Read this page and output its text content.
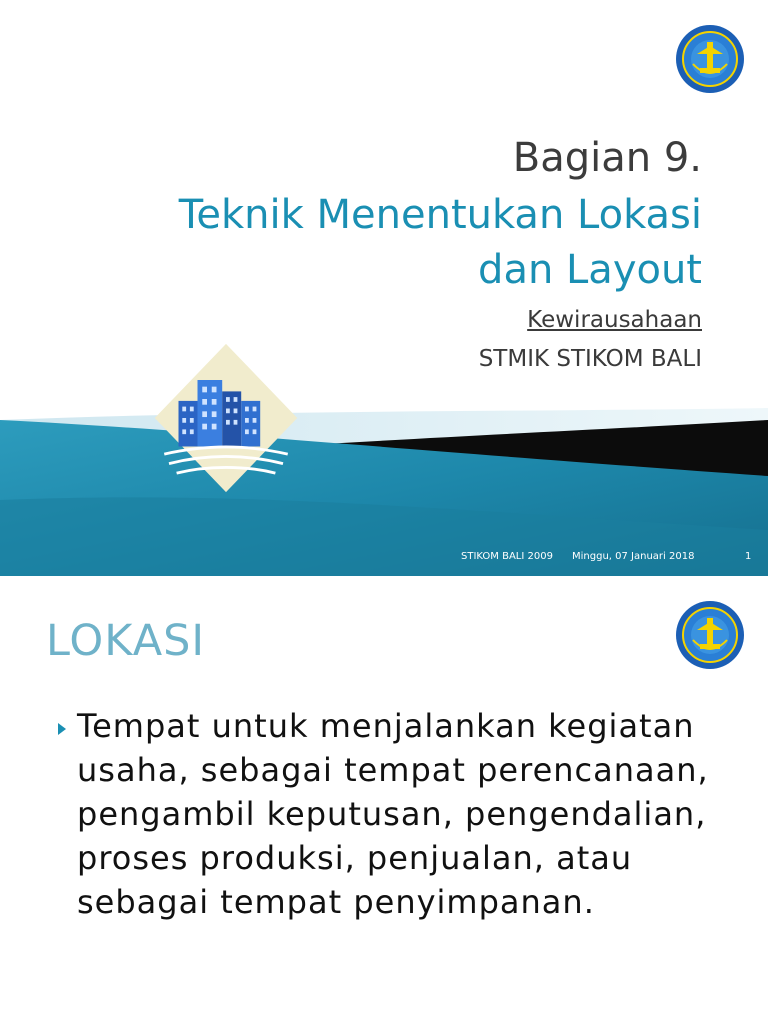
Bagian 9.
Teknik Menentukan Lokasi
dan Layout

Kewirausahaan

STMIK STIKOM BALI

STIKOM BALI 2009 Minggu, 07 Januari 2018	1
LOKASI

Tempat untuk menjalankan kegiatan usaha, sebagai tempat perencanaan, pengambil keputusan, pengendalian, proses produksi, penjualan, atau sebagai tempat penyimpanan.
